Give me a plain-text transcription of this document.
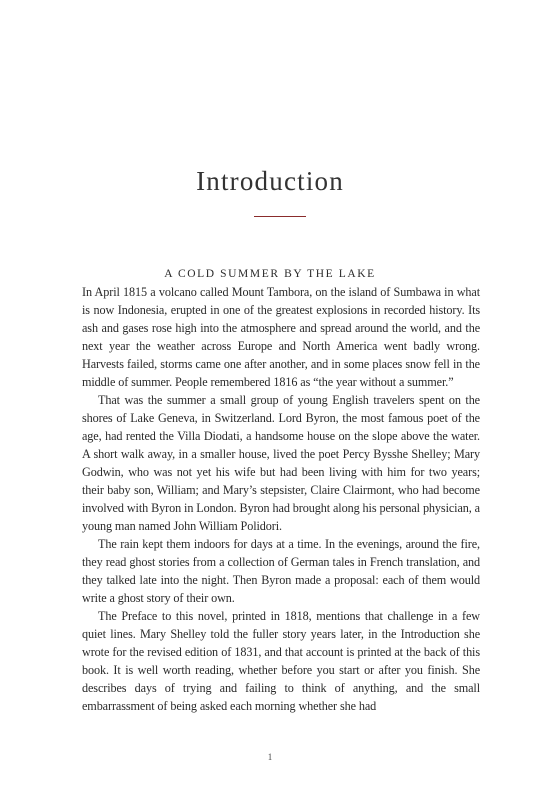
Introduction
A COLD SUMMER BY THE LAKE

In April 1815 a volcano called Mount Tambora, on the island of Sumbawa in what is now Indonesia, erupted in one of the greatest explosions in recorded history. Its ash and gases rose high into the atmosphere and spread around the world, and the next year the weather across Europe and North America went badly wrong. Harvests failed, storms came one after another, and in some places snow fell in the middle of summer. People remembered 1816 as “the year without a summer.”

That was the summer a small group of young English travelers spent on the shores of Lake Geneva, in Switzerland. Lord Byron, the most famous poet of the age, had rented the Villa Diodati, a handsome house on the slope above the water. A short walk away, in a smaller house, lived the poet Percy Bysshe Shelley; Mary Godwin, who was not yet his wife but had been living with him for two years; their baby son, William; and Mary’s stepsister, Claire Clairmont, who had become involved with Byron in London. Byron had brought along his personal physician, a young man named John William Polidori.

The rain kept them indoors for days at a time. In the evenings, around the fire, they read ghost stories from a collection of German tales in French translation, and they talked late into the night. Then Byron made a proposal: each of them would write a ghost story of their own.

The Preface to this novel, printed in 1818, mentions that challenge in a few quiet lines. Mary Shelley told the fuller story years later, in the Introduction she wrote for the revised edition of 1831, and that account is printed at the back of this book. It is well worth reading, whether before you start or after you finish. She describes days of trying and failing to think of anything, and the small embarrassment of being asked each morning whether she had

1
